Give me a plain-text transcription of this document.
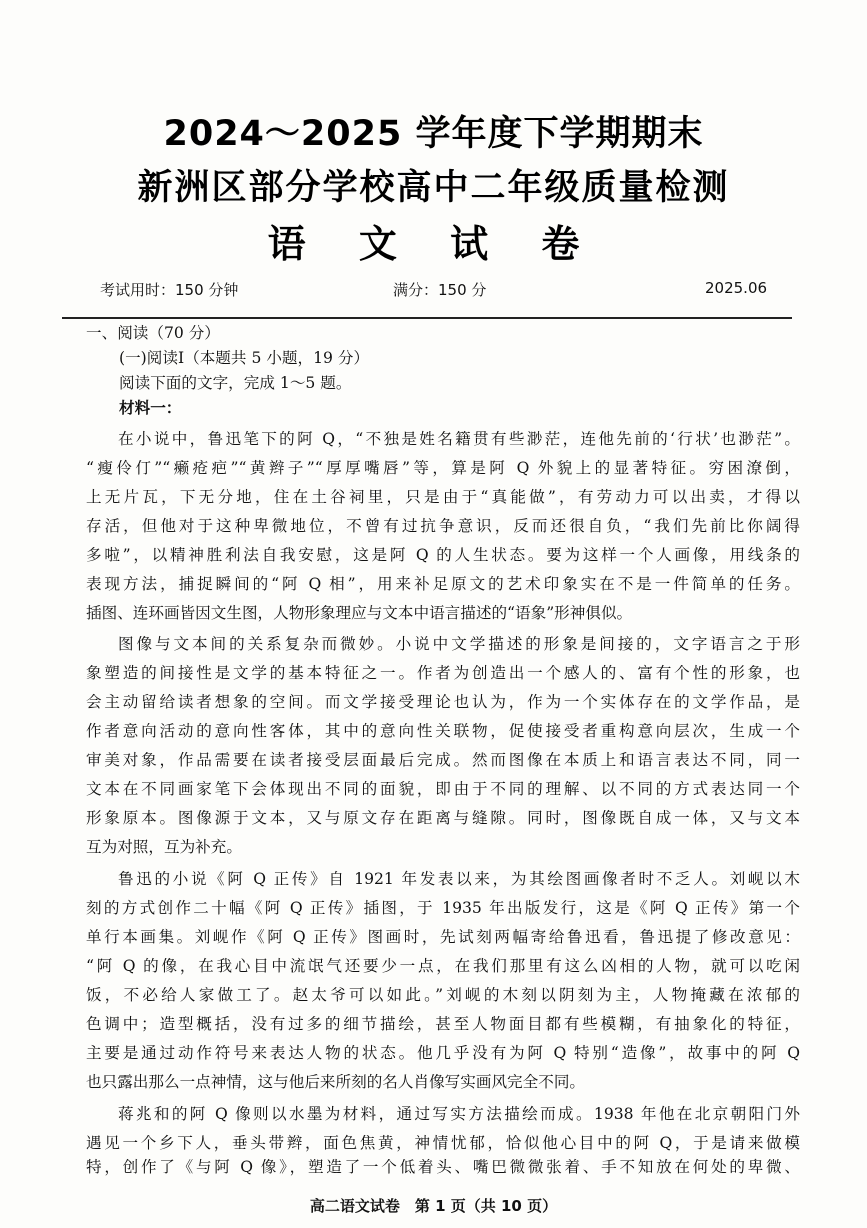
2024～2025 学年度下学期期末
新洲区部分学校高中二年级质量检测
语 文 试 卷
考试用时：150 分钟	满分：150 分	2025.06
一、阅读（70 分）
(一)阅读Ⅰ（本题共 5 小题，19 分）
阅读下面的文字，完成 1～5 题。
材料一：
在小说中，鲁迅笔下的阿 Q，“不独是姓名籍贯有些渺茫，连他先前的‘行状’也渺茫”。
“瘦伶仃”“癞疮疤”“黄辫子”“厚厚嘴唇”等，算是阿 Q 外貌上的显著特征。穷困潦倒，
上无片瓦，下无分地，住在土谷祠里，只是由于“真能做”，有劳动力可以出卖，才得以
存活，但他对于这种卑微地位，不曾有过抗争意识，反而还很自负，“我们先前比你阔得
多啦”，以精神胜利法自我安慰，这是阿 Q 的人生状态。要为这样一个人画像，用线条的
表现方法，捕捉瞬间的“阿 Q 相”，用来补足原文的艺术印象实在不是一件简单的任务。
插图、连环画皆因文生图，人物形象理应与文本中语言描述的“语象”形神俱似。
图像与文本间的关系复杂而微妙。小说中文学描述的形象是间接的，文字语言之于形
象塑造的间接性是文学的基本特征之一。作者为创造出一个感人的、富有个性的形象，也
会主动留给读者想象的空间。而文学接受理论也认为，作为一个实体存在的文学作品，是
作者意向活动的意向性客体，其中的意向性关联物，促使接受者重构意向层次，生成一个
审美对象，作品需要在读者接受层面最后完成。然而图像在本质上和语言表达不同，同一
文本在不同画家笔下会体现出不同的面貌，即由于不同的理解、以不同的方式表达同一个
形象原本。图像源于文本，又与原文存在距离与缝隙。同时，图像既自成一体，又与文本
互为对照，互为补充。
鲁迅的小说《阿 Q 正传》自 1921 年发表以来，为其绘图画像者时不乏人。刘岘以木
刻的方式创作二十幅《阿 Q 正传》插图，于 1935 年出版发行，这是《阿 Q 正传》第一个
单行本画集。刘岘作《阿 Q 正传》图画时，先试刻两幅寄给鲁迅看，鲁迅提了修改意见：
“阿 Q 的像，在我心目中流氓气还要少一点，在我们那里有这么凶相的人物，就可以吃闲
饭，不必给人家做工了。赵太爷可以如此。”刘岘的木刻以阴刻为主，人物掩藏在浓郁的
色调中；造型概括，没有过多的细节描绘，甚至人物面目都有些模糊，有抽象化的特征，
主要是通过动作符号来表达人物的状态。他几乎没有为阿 Q 特别“造像”，故事中的阿 Q
也只露出那么一点神情，这与他后来所刻的名人肖像写实画风完全不同。
蒋兆和的阿 Q 像则以水墨为材料，通过写实方法描绘而成。1938 年他在北京朝阳门外
遇见一个乡下人，垂头带辫，面色焦黄，神情忧郁，恰似他心目中的阿 Q，于是请来做模
特，创作了《与阿 Q 像》，塑造了一个低着头、嘴巴微微张着、手不知放在何处的卑微、
高二语文试卷　第 1 页（共 10 页）
